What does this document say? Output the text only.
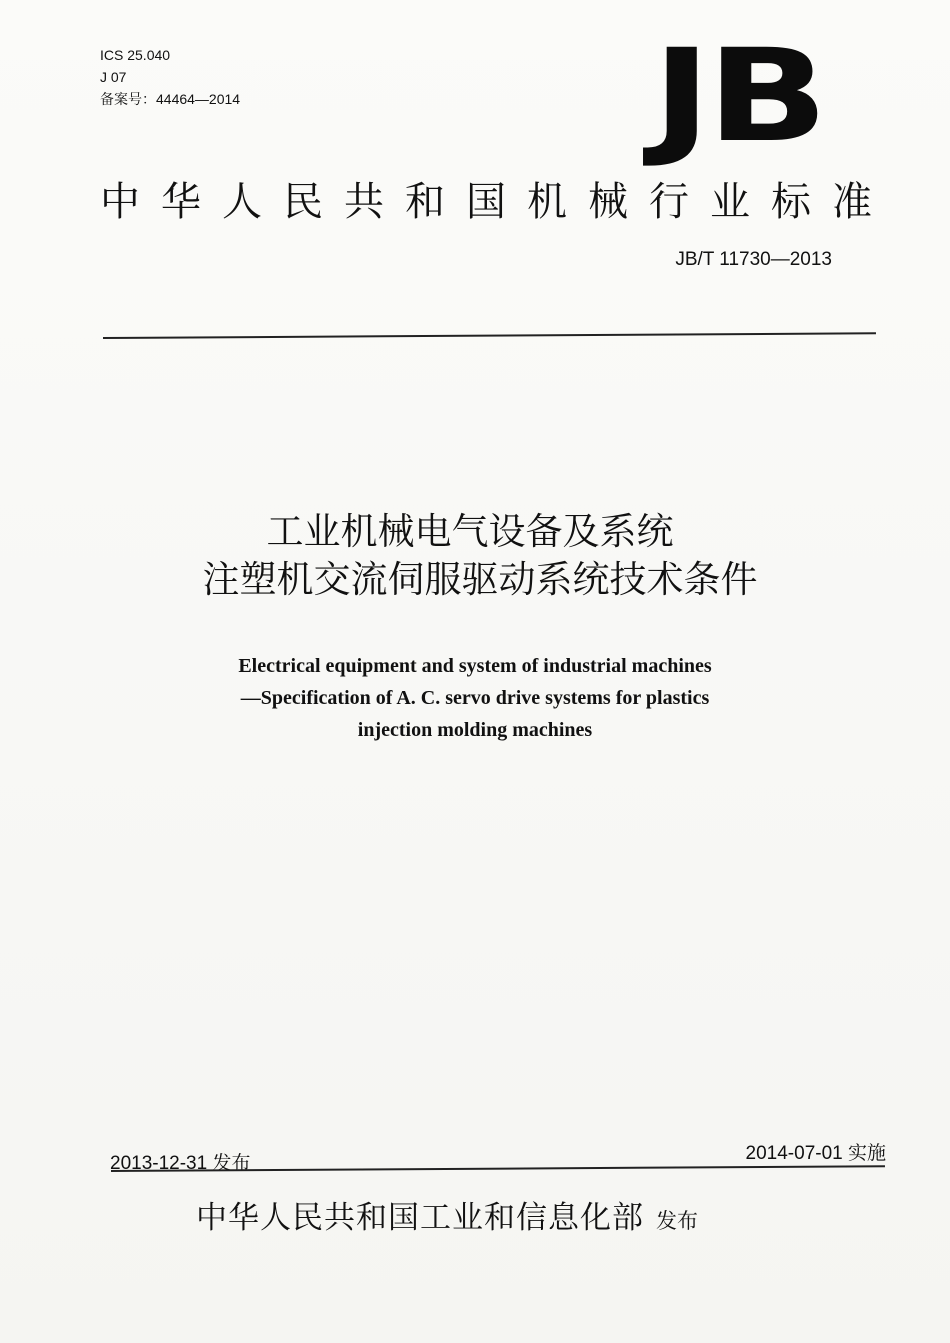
ICS 25.040
J 07
备案号：44464—2014	JB
中华人民共和国机械行业标准
JB/T 11730—2013
工业机械电气设备及系统
注塑机交流伺服驱动系统技术条件
Electrical equipment and system of industrial machines
—Specification of A. C. servo drive systems for plastics
injection molding machines
2013-12-31 发布	2014-07-01 实施
中华人民共和国工业和信息化部 发布
